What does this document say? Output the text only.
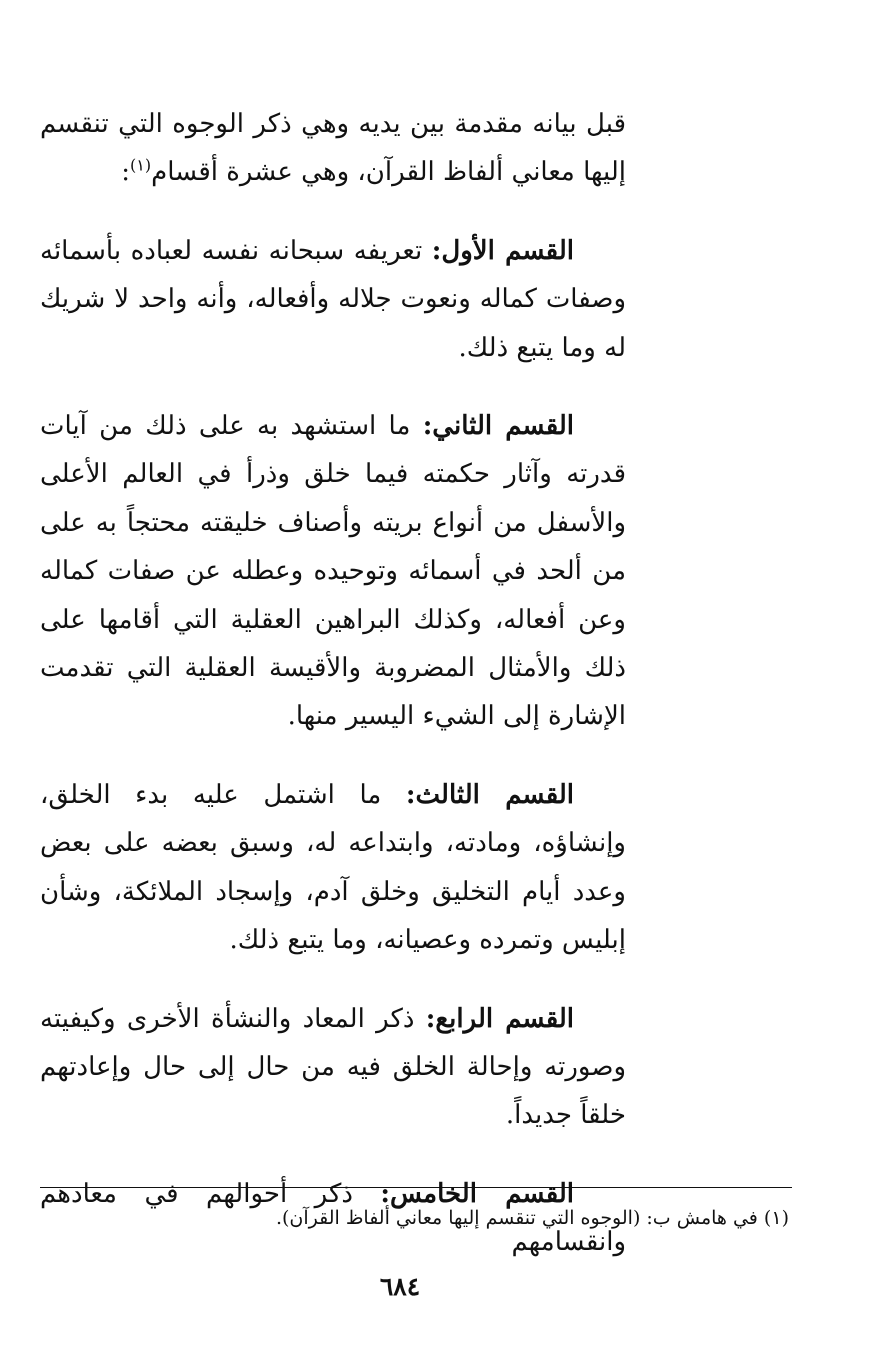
قبل بيانه مقدمة بين يديه وهي ذكر الوجوه التي تنقسم إليها معاني ألفاظ القرآن، وهي عشرة أقسام$^{(١)}$:

القسم الأول: تعريفه سبحانه نفسه لعباده بأسمائه وصفات كماله ونعوت جلاله وأفعاله، وأنه واحد لا شريك له وما يتبع ذلك.

القسم الثاني: ما استشهد به على ذلك من آيات قدرته وآثار حكمته فيما خلق وذرأ في العالم الأعلى والأسفل من أنواع بريته وأصناف خليقته محتجاً به على من ألحد في أسمائه وتوحيده وعطله عن صفات كماله وعن أفعاله، وكذلك البراهين العقلية التي أقامها على ذلك والأمثال المضروبة والأقيسة العقلية التي تقدمت الإشارة إلى الشيء اليسير منها.

القسم الثالث: ما اشتمل عليه بدء الخلق، وإنشاؤه، ومادته، وابتداعه له، وسبق بعضه على بعض وعدد أيام التخليق وخلق آدم، وإسجاد الملائكة، وشأن إبليس وتمرده وعصيانه، وما يتبع ذلك.

القسم الرابع: ذكر المعاد والنشأة الأخرى وكيفيته وصورته وإحالة الخلق فيه من حال إلى حال وإعادتهم خلقاً جديداً.

القسم الخامس: ذكر أحوالهم في معادهم وانقسامهم

(١) في هامش ب: (الوجوه التي تنقسم إليها معاني ألفاظ القرآن).
٦٨٤
